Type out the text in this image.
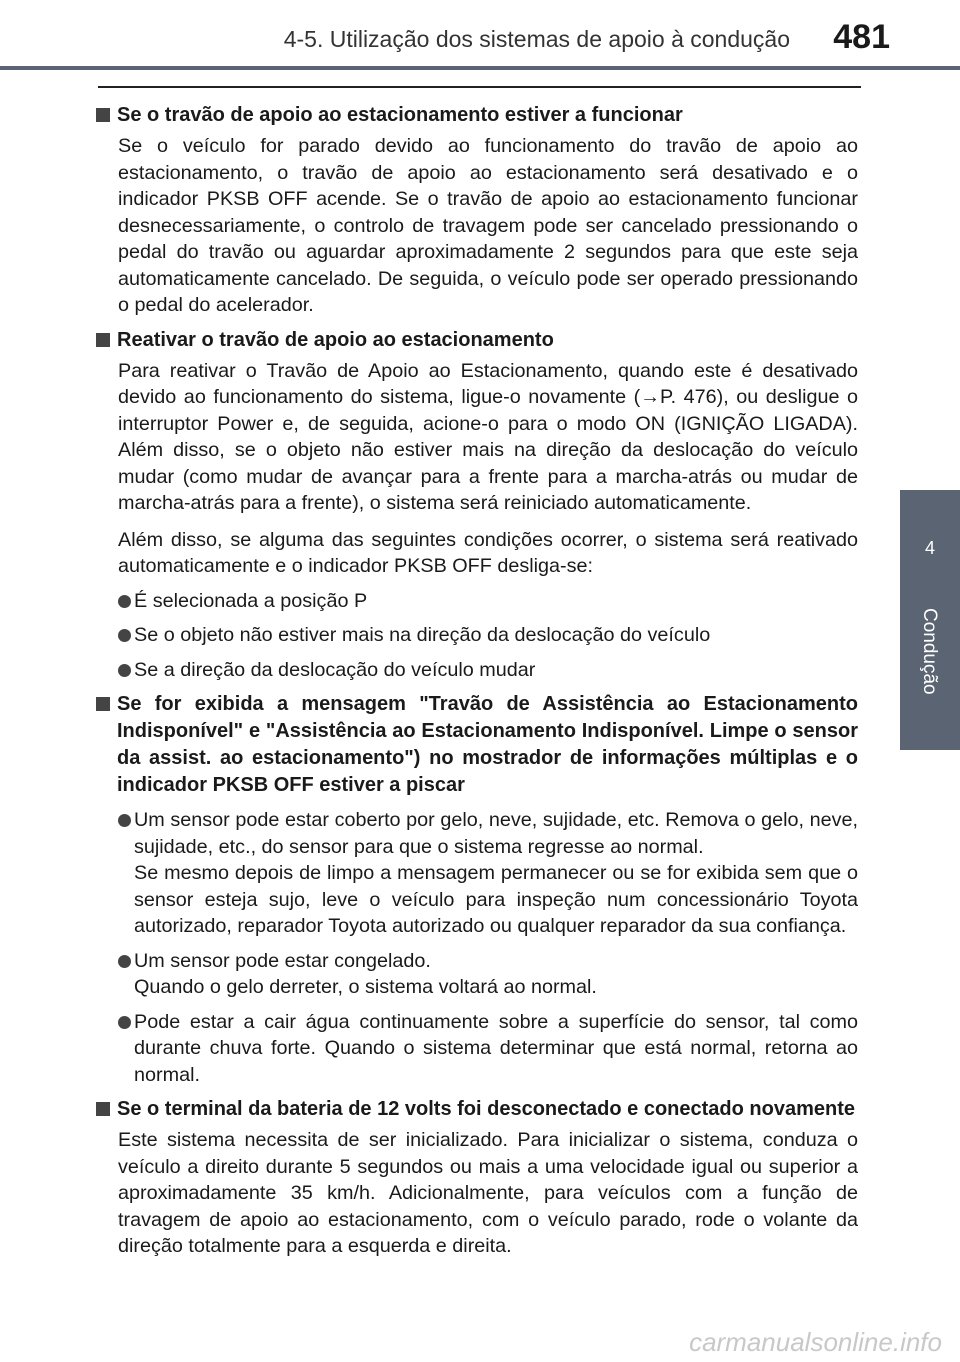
4-5. Utilização dos sistemas de apoio à condução 481
4
Condução
Se o travão de apoio ao estacionamento estiver a funcionar
Se o veículo for parado devido ao funcionamento do travão de apoio ao estacionamento, o travão de apoio ao estacionamento será desativado e o indicador PKSB OFF acende. Se o travão de apoio ao estacionamento funcionar desnecessariamente, o controlo de travagem pode ser cancelado pressionando o pedal do travão ou aguardar aproximadamente 2 segundos para que este seja automaticamente cancelado. De seguida, o veículo pode ser operado pressionando o pedal do acelerador.
Reativar o travão de apoio ao estacionamento
Para reativar o Travão de Apoio ao Estacionamento, quando este é desativado devido ao funcionamento do sistema, ligue-o novamente (→P. 476), ou desligue o interruptor Power e, de seguida, acione-o para o modo ON (IGNIÇÃO LIGADA). Além disso, se o objeto não estiver mais na direção da deslocação do veículo mudar (como mudar de avançar para a frente para a marcha-atrás ou mudar de marcha-atrás para a frente), o sistema será reiniciado automaticamente.
Além disso, se alguma das seguintes condições ocorrer, o sistema será reativado automaticamente e o indicador PKSB OFF desliga-se:
É selecionada a posição P
Se o objeto não estiver mais na direção da deslocação do veículo
Se a direção da deslocação do veículo mudar
Se for exibida a mensagem "Travão de Assistência ao Estacionamento Indisponível" e "Assistência ao Estacionamento Indisponível. Limpe o sensor da assist. ao estacionamento") no mostrador de informações múltiplas e o indicador PKSB OFF estiver a piscar
Um sensor pode estar coberto por gelo, neve, sujidade, etc. Remova o gelo, neve, sujidade, etc., do sensor para que o sistema regresse ao normal.
Se mesmo depois de limpo a mensagem permanecer ou se for exibida sem que o sensor esteja sujo, leve o veículo para inspeção num concessionário Toyota autorizado, reparador Toyota autorizado ou qualquer reparador da sua confiança.
Um sensor pode estar congelado.
Quando o gelo derreter, o sistema voltará ao normal.
Pode estar a cair água continuamente sobre a superfície do sensor, tal como durante chuva forte. Quando o sistema determinar que está normal, retorna ao normal.
Se o terminal da bateria de 12 volts foi desconectado e conectado novamente
Este sistema necessita de ser inicializado. Para inicializar o sistema, conduza o veículo a direito durante 5 segundos ou mais a uma velocidade igual ou superior a aproximadamente 35 km/h. Adicionalmente, para veículos com a função de travagem de apoio ao estacionamento, com o veículo parado, rode o volante da direção totalmente para a esquerda e direita.
carmanualsonline.info
